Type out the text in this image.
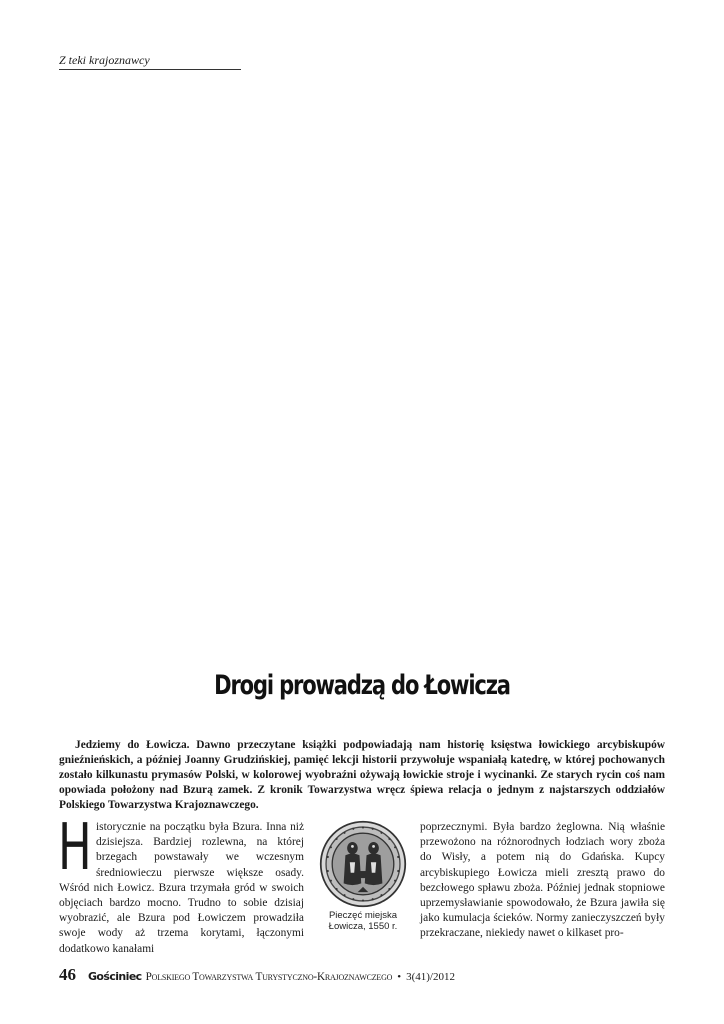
Z teki krajoznawcy
Drogi prowadzą do Łowicza

Jedziemy do Łowicza. Dawno przeczytane książki podpowiadają nam historię księstwa łowickiego arcybiskupów gnieźnieńskich, a później Joanny Grudzińskiej, pamięć lekcji historii przywołuje wspaniałą katedrę, w której pochowanych zostało kilkunastu prymasów Polski, w kolorowej wyobraźni ożywają łowickie stroje i wycinanki. Ze starych rycin coś nam opowiada położony nad Bzurą zamek. Z kronik Towarzystwa wręcz śpiewa relacja o jednym z najstarszych oddziałów Polskiego Towarzystwa Krajoznawczego.

Historycznie na początku była Bzura. Inna niż dzisiejsza. Bardziej rozlewna, na której brzegach powstawały we wczesnym średniowieczu pierwsze większe osady. Wśród nich Łowicz. Bzura trzymała gród w swoich objęciach bardzo mocno. Trudno to sobie dzisiaj wyobrazić, ale Bzura pod Łowiczem prowadziła swoje wody aż trzema korytami, łączonymi dodatkowo kanałami

Pieczęć miejska
Łowicza, 1550 r.

poprzecznymi. Była bardzo żeglowna. Nią właśnie przewożono na różnorodnych łodziach wory zboża do Wisły, a potem nią do Gdańska. Kupcy arcybiskupiego Łowicza mieli zresztą prawo do bezcłowego spławu zboża. Później jednak stopniowe uprzemysławianie spowodowało, że Bzura jawiła się jako kumulacja ścieków. Normy zanieczyszczeń były przekraczane, niekiedy nawet o kilkaset pro-

46 Gościniec Polskiego Towarzystwa Turystyczno-Krajoznawczego • 3(41)/2012
